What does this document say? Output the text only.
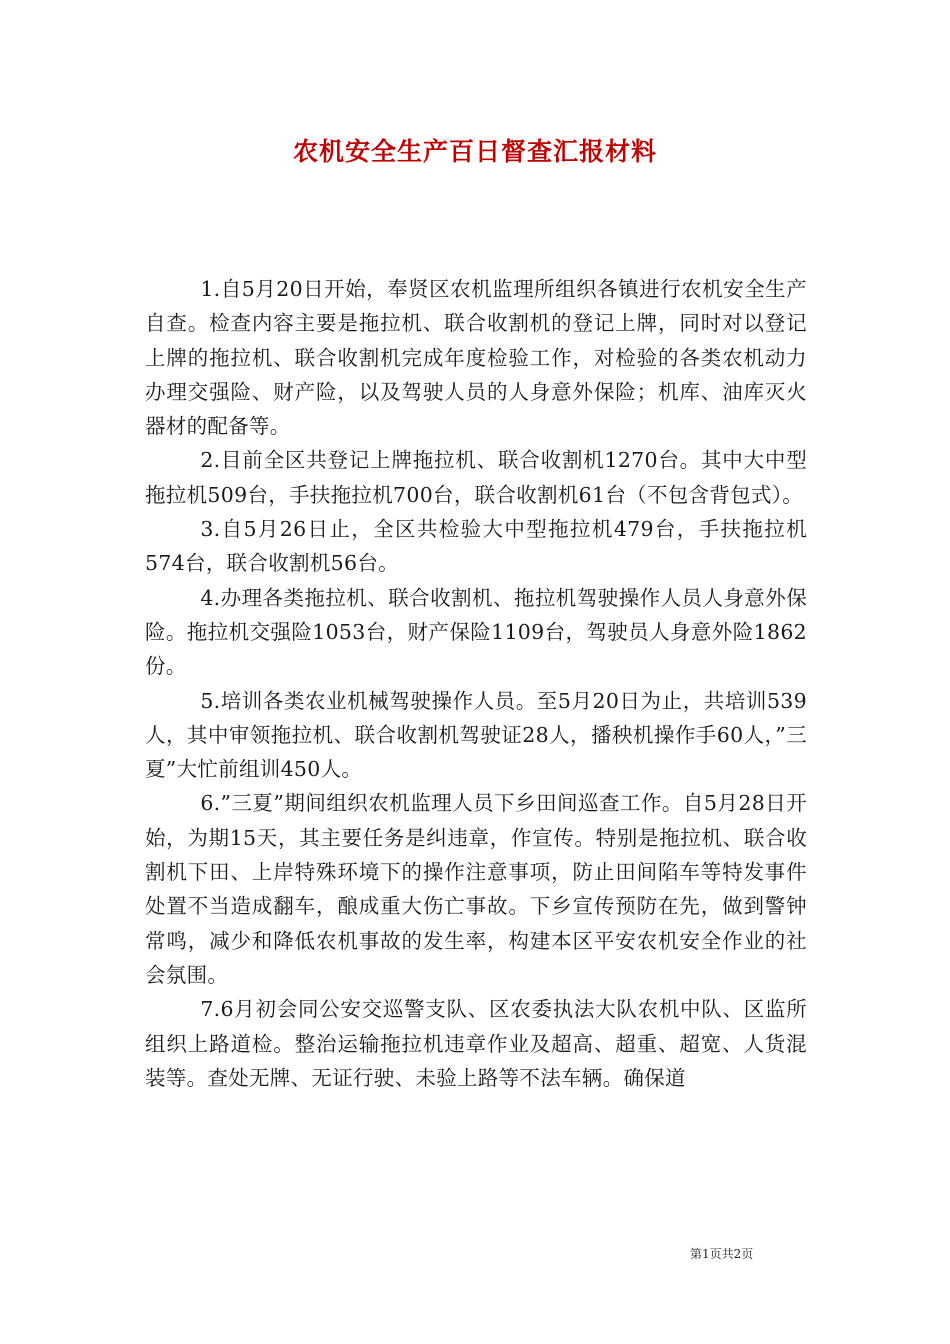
农机安全生产百日督查汇报材料

1.自5月20日开始，奉贤区农机监理所组织各镇进行农机安全生产自查。检查内容主要是拖拉机、联合收割机的登记上牌，同时对以登记上牌的拖拉机、联合收割机完成年度检验工作，对检验的各类农机动力办理交强险、财产险，以及驾驶人员的人身意外保险；机库、油库灭火器材的配备等。

2.目前全区共登记上牌拖拉机、联合收割机1270台。其中大中型拖拉机509台，手扶拖拉机700台，联合收割机61台（不包含背包式）。

3.自5月26日止，全区共检验大中型拖拉机479台，手扶拖拉机574台，联合收割机56台。

4.办理各类拖拉机、联合收割机、拖拉机驾驶操作人员人身意外保险。拖拉机交强险1053台，财产保险1109台，驾驶员人身意外险1862份。

5.培训各类农业机械驾驶操作人员。至5月20日为止，共培训539人，其中审领拖拉机、联合收割机驾驶证28人，播秧机操作手60人，”三夏”大忙前组训450人。

6.”三夏”期间组织农机监理人员下乡田间巡查工作。自5月28日开始，为期15天，其主要任务是纠违章，作宣传。特别是拖拉机、联合收割机下田、上岸特殊环境下的操作注意事项，防止田间陷车等特发事件处置不当造成翻车，酿成重大伤亡事故。下乡宣传预防在先，做到警钟常鸣，减少和降低农机事故的发生率，构建本区平安农机安全作业的社会氛围。

7.6月初会同公安交巡警支队、区农委执法大队农机中队、区监所组织上路道检。整治运输拖拉机违章作业及超高、超重、超宽、人货混装等。查处无牌、无证行驶、未验上路等不法车辆。确保道

第1页共2页
